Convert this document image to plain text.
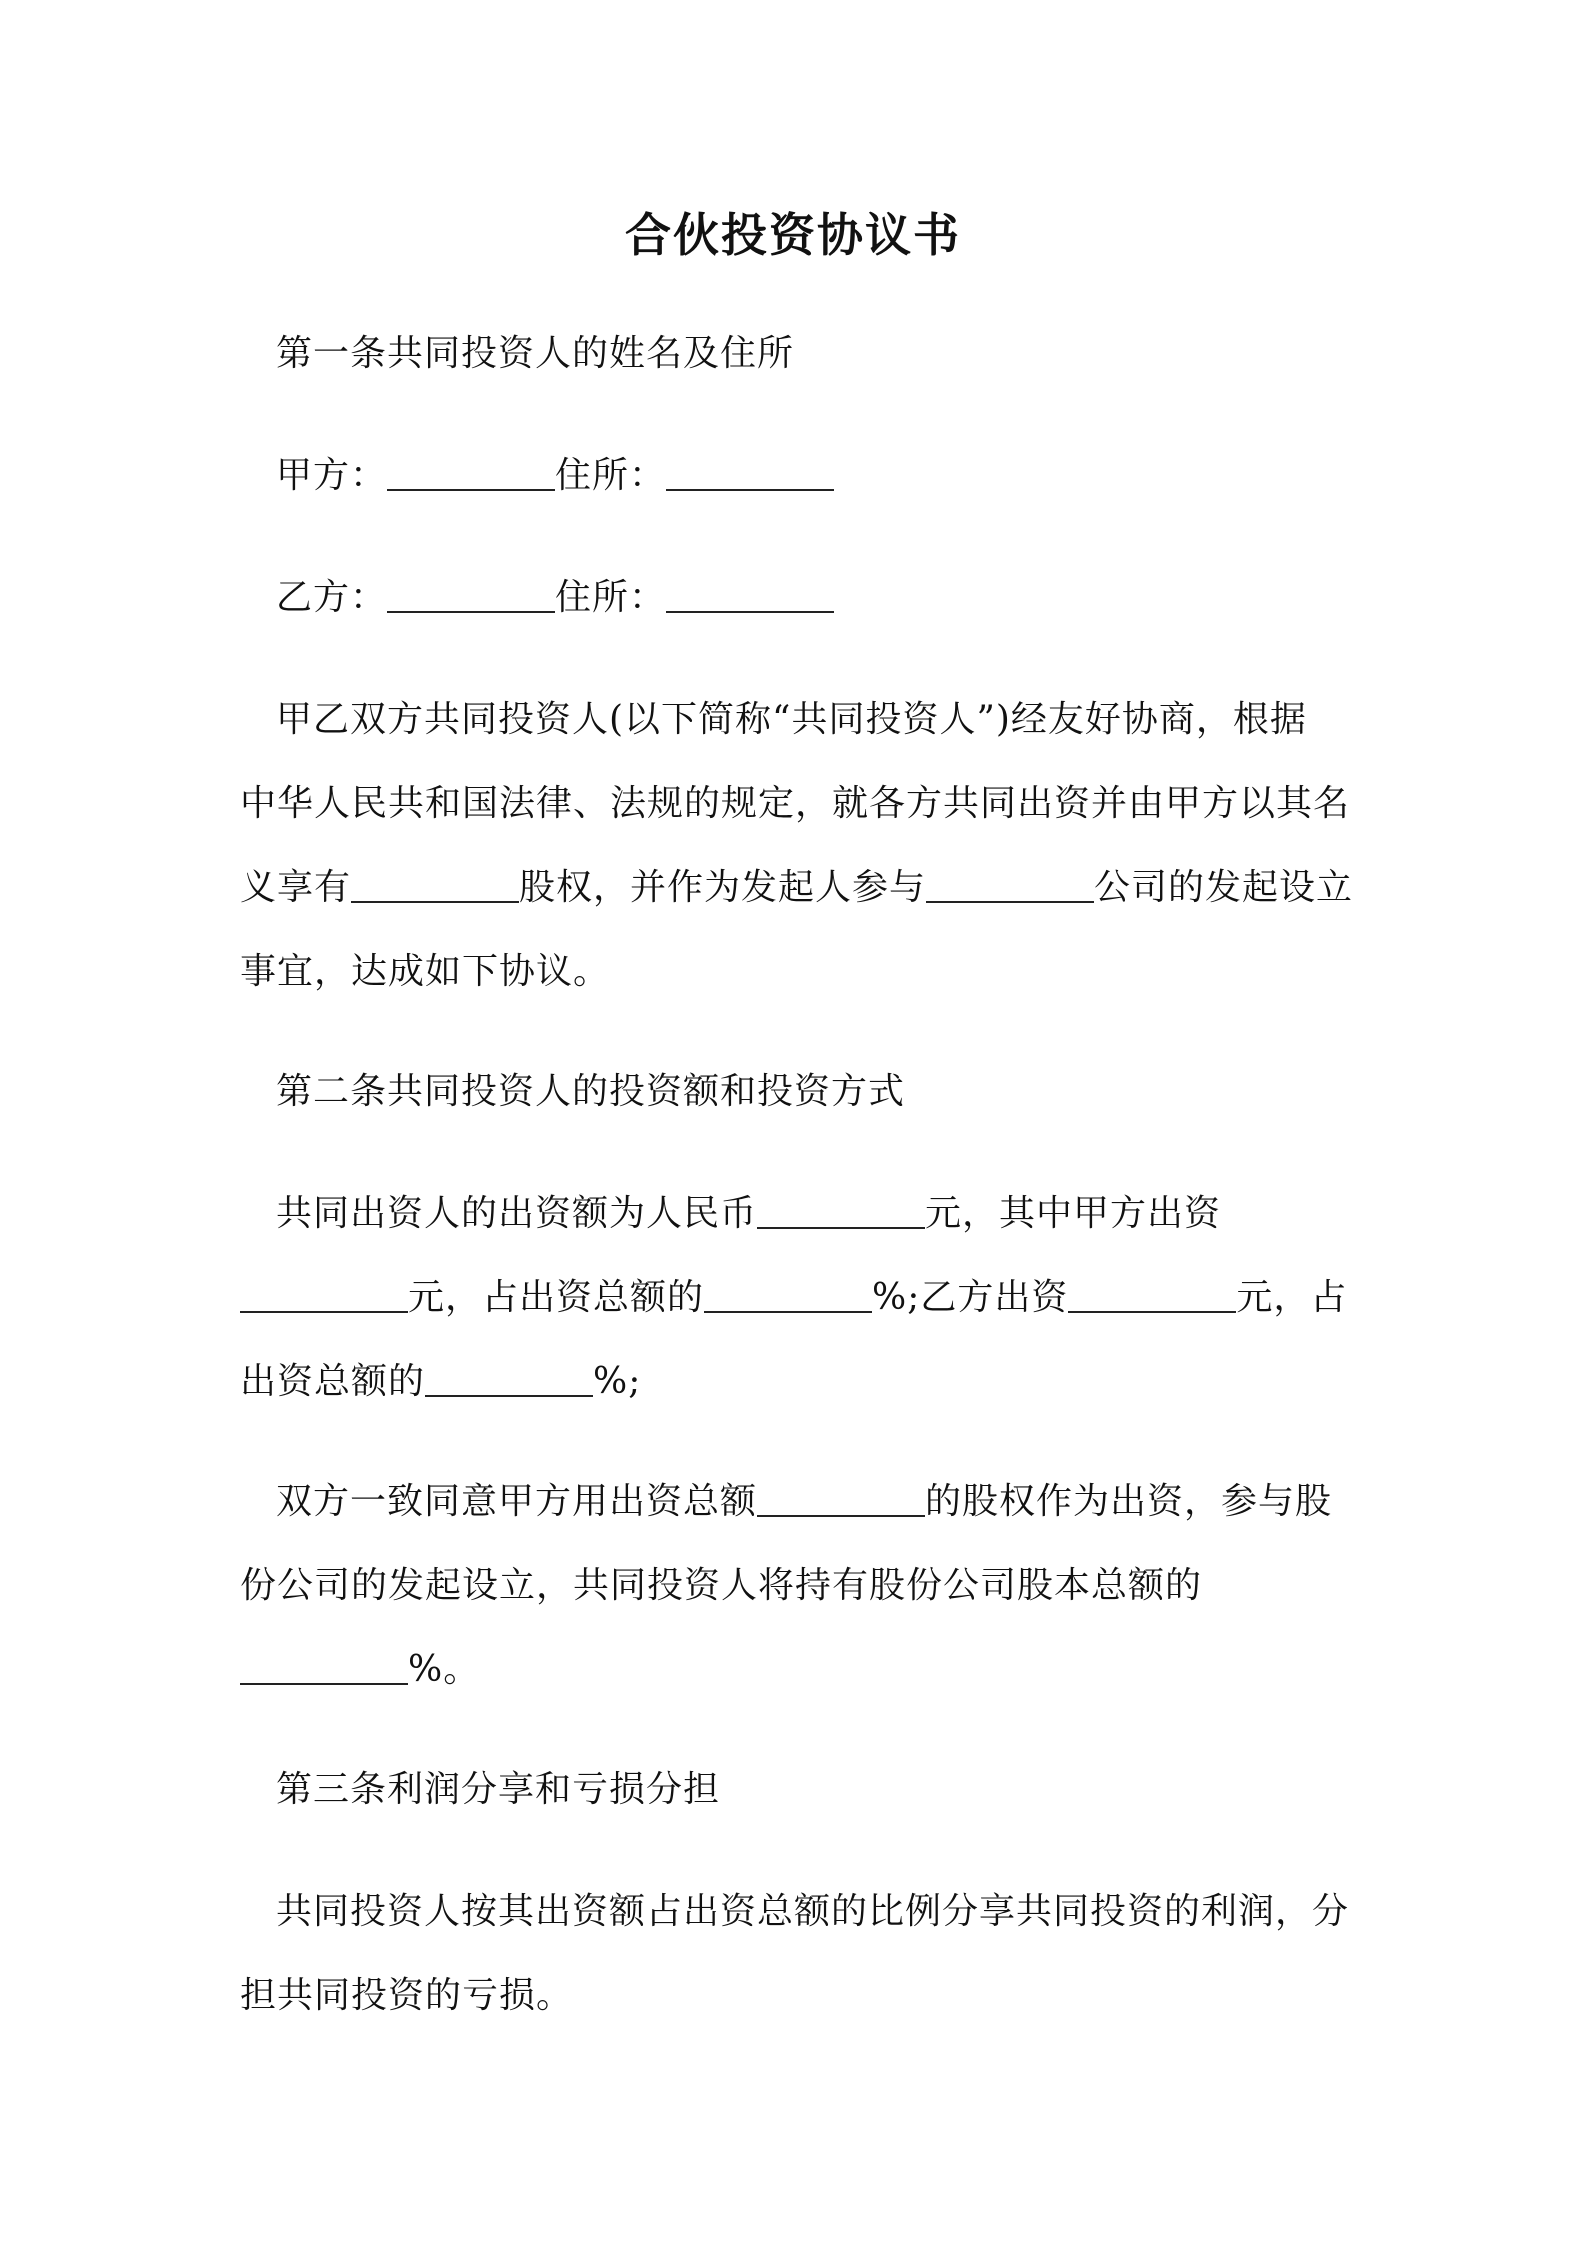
合伙投资协议书
第一条共同投资人的姓名及住所
甲方：	住所：
乙方：	住所：
甲乙双方共同投资人(以下简称“共同投资人”)经友好协商，根据
中华人民共和国法律、法规的规定，就各方共同出资并由甲方以其名
义享有	股权，并作为发起人参与	公司的发起设立
事宜，达成如下协议。
第二条共同投资人的投资额和投资方式
共同出资人的出资额为人民币	元，其中甲方出资
元，占出资总额的	%;乙方出资	元，占
出资总额的	%;
双方一致同意甲方用出资总额	的股权作为出资，参与股
份公司的发起设立，共同投资人将持有股份公司股本总额的
%。
第三条利润分享和亏损分担
共同投资人按其出资额占出资总额的比例分享共同投资的利润，分
担共同投资的亏损。
